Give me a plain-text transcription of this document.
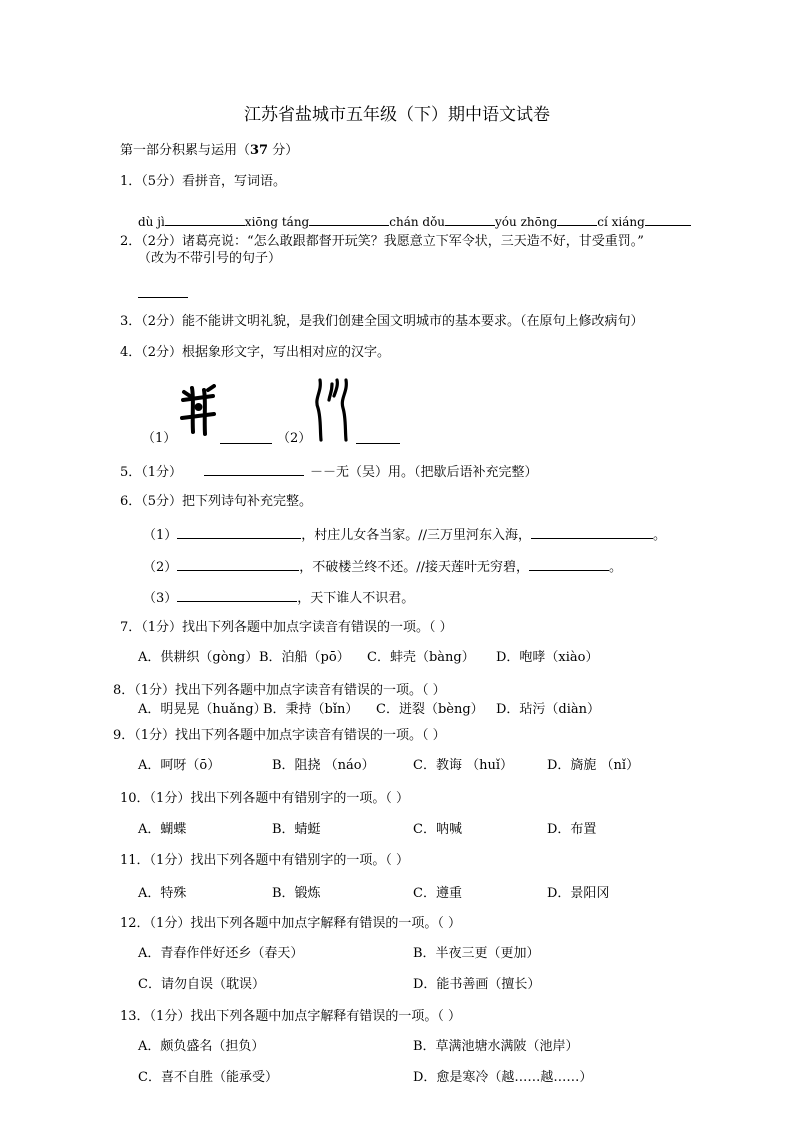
江苏省盐城市五年级（下）期中语文试卷
第一部分积累与运用（37 分）
1．（5分）看拼音，写词语。
dù jì	xiōng táng	chán dǒu	yóu zhōng	cí xiáng
2．（2分）诸葛亮说：“怎么敢跟都督开玩笑？我愿意立下军令状，三天造不好，甘受重罚。”
（改为不带引号的句子）
3．（2分）能不能讲文明礼貌，是我们创建全国文明城市的基本要求。（在原句上修改病句）
4．（2分）根据象形文字，写出相对应的汉字。
（1）	（2）
5．（1分）	－－无（吴）用。（把歇后语补充完整）
6．（5分）把下列诗句补充完整。
（1）	，村庄儿女各当家。//三万里河东入海，	。
（2）	，不破楼兰终不还。//接天莲叶无穷碧，	。
（3）	，天下谁人不识君。
7．（1分）找出下列各题中加点字读音有错误的一项。（ ）
A．供耕织（gòng） B．泊船（pō） C．蚌壳（bàng） D．咆哮（xiào）
8．（1分）找出下列各题中加点字读音有错误的一项。（ ）
A．明晃晃（huǎng）
B．秉持（bǐn） C．迸裂（bèng） D．玷污（diàn）
9．（1分）找出下列各题中加点字读音有错误的一项。（ ）
A．呵呀（ō）	B．阻挠 （náo）	C．教诲 （huǐ）	D．旖旎 （nǐ）
10．（1分）找出下列各题中有错别字的一项。（ ）
A．蝴蝶	B．蜻蜓	C．呐喊	D．布置
11．（1分）找出下列各题中有错别字的一项。（ ）
A．特殊	B．锻炼	C．遵重	D．景阳冈
12．（1分）找出下列各题中加点字解释有错误的一项。（ ）
A．青春作伴好还乡（春天）	B．半夜三更（更加）
C．请勿自误（耽误）	D．能书善画（擅长）
13．（1分）找出下列各题中加点字解释有错误的一项。（ ）
A．颇负盛名（担负）	B．草满池塘水满陂（池岸）
C．喜不自胜（能承受）	D．愈是寒冷（越……越……）
